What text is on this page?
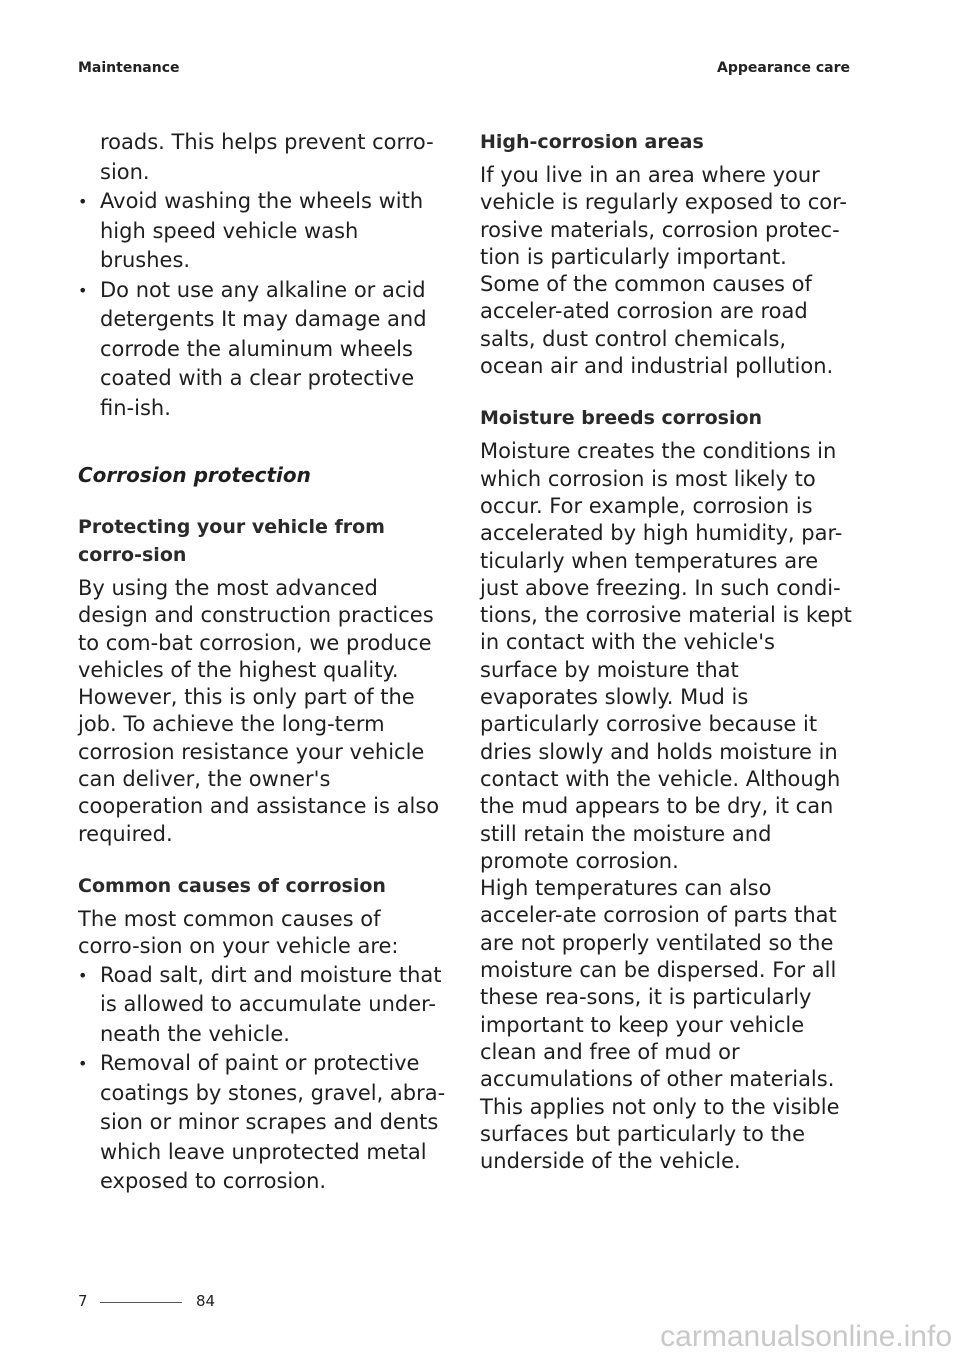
Maintenance	Appearance care

roads. This helps prevent corro-
sion.

• Avoid washing the wheels with high speed vehicle wash brushes.
• Do not use any alkaline or acid detergents It may damage and corrode the aluminum wheels coated with a clear protective fin-ish.
Corrosion protection
Protecting your vehicle from corro-sion

By using the most advanced design and construction practices to com-bat corrosion, we produce vehicles of the highest quality. However, this is only part of the job. To achieve the long-term corrosion resistance your vehicle can deliver, the owner's cooperation and assistance is also required.

Common causes of corrosion

The most common causes of corro-sion on your vehicle are:

• Road salt, dirt and moisture that is allowed to accumulate under-neath the vehicle.
• Removal of paint or protective coatings by stones, gravel, abra-sion or minor scrapes and dents which leave unprotected metal exposed to corrosion.
High-corrosion areas

If you live in an area where your vehicle is regularly exposed to cor-rosive materials, corrosion protec-tion is particularly important. Some of the common causes of acceler-ated corrosion are road salts, dust control chemicals, ocean air and industrial pollution.

Moisture breeds corrosion

Moisture creates the conditions in which corrosion is most likely to occur. For example, corrosion is accelerated by high humidity, par-ticularly when temperatures are just above freezing. In such condi-tions, the corrosive material is kept in contact with the vehicle's surface by moisture that evaporates slowly. Mud is particularly corrosive because it dries slowly and holds moisture in contact with the vehicle. Although the mud appears to be dry, it can still retain the moisture and promote corrosion.

High temperatures can also acceler-ate corrosion of parts that are not properly ventilated so the moisture can be dispersed. For all these rea-sons, it is particularly important to keep your vehicle clean and free of mud or accumulations of other materials. This applies not only to the visible surfaces but particularly to the underside of the vehicle.

7	84
carmanualsonline.info
